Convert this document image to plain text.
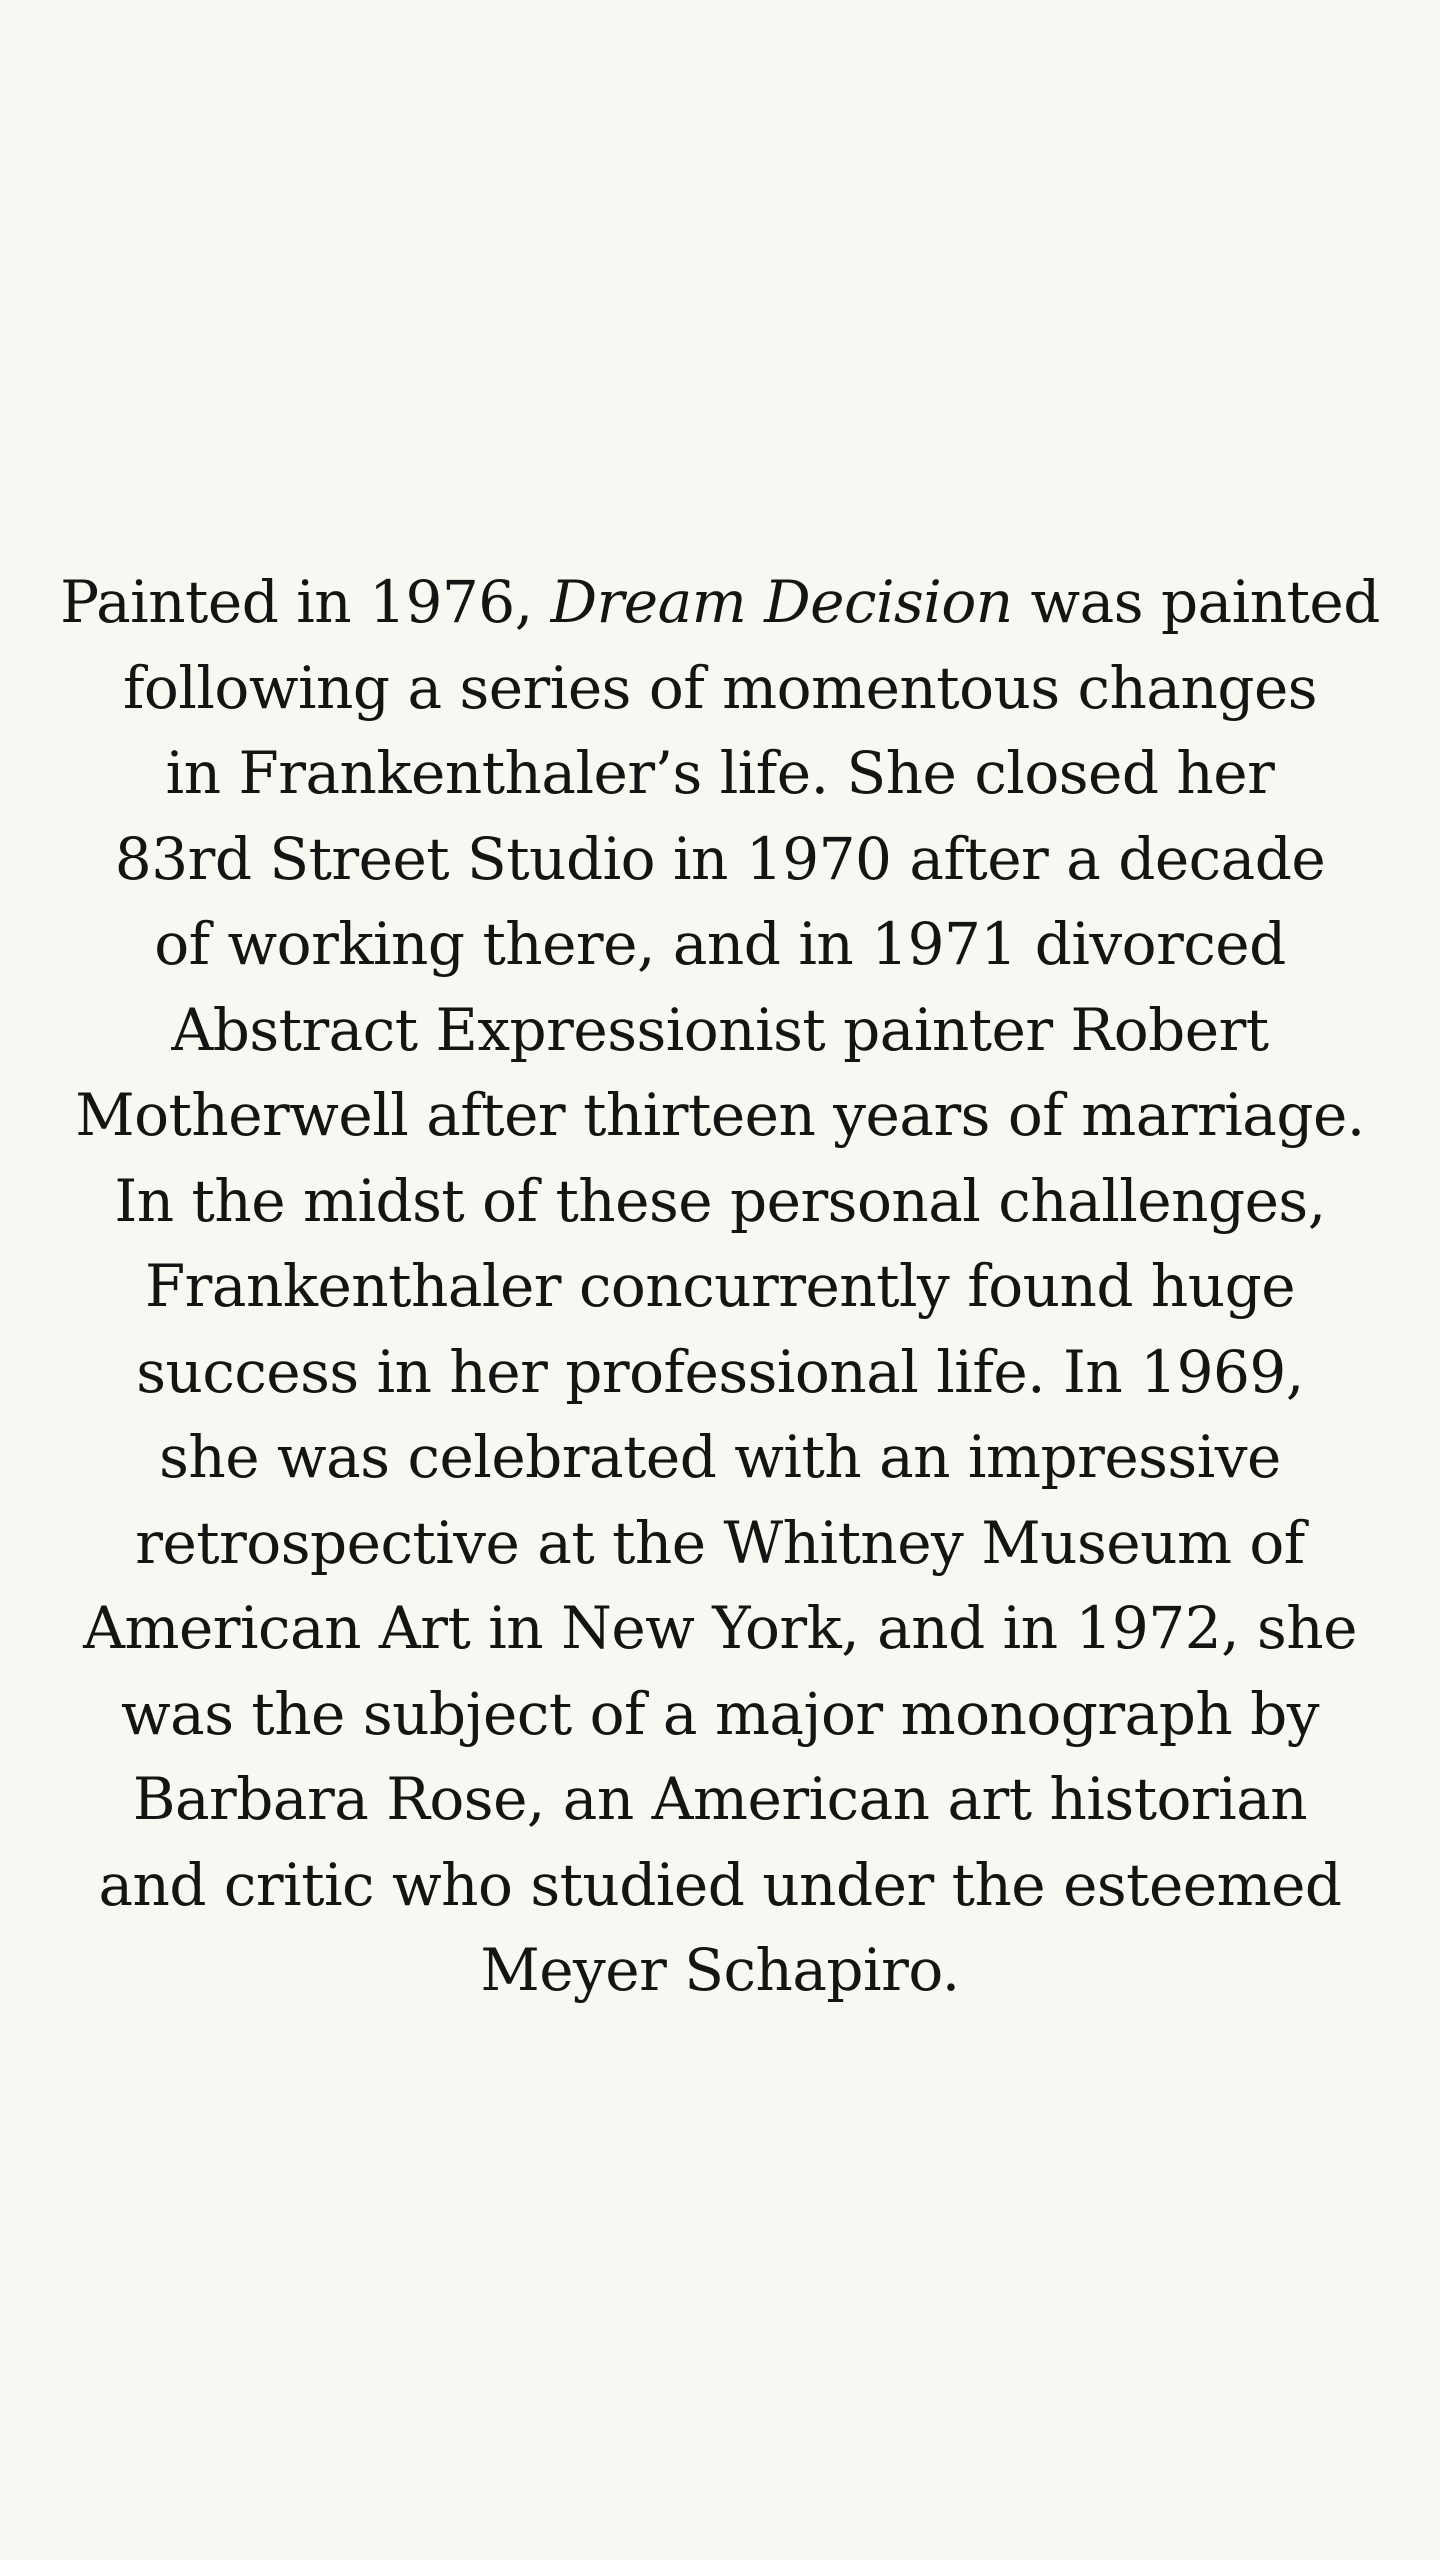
Painted in 1976, Dream Decision was painted
following a series of momentous changes
in Frankenthaler’s life. She closed her
83rd Street Studio in 1970 after a decade
of working there, and in 1971 divorced
Abstract Expressionist painter Robert
Motherwell after thirteen years of marriage.
In the midst of these personal challenges,
Frankenthaler concurrently found huge
success in her professional life. In 1969,
she was celebrated with an impressive
retrospective at the Whitney Museum of
American Art in New York, and in 1972, she
was the subject of a major monograph by
Barbara Rose, an American art historian
and critic who studied under the esteemed
Meyer Schapiro.
